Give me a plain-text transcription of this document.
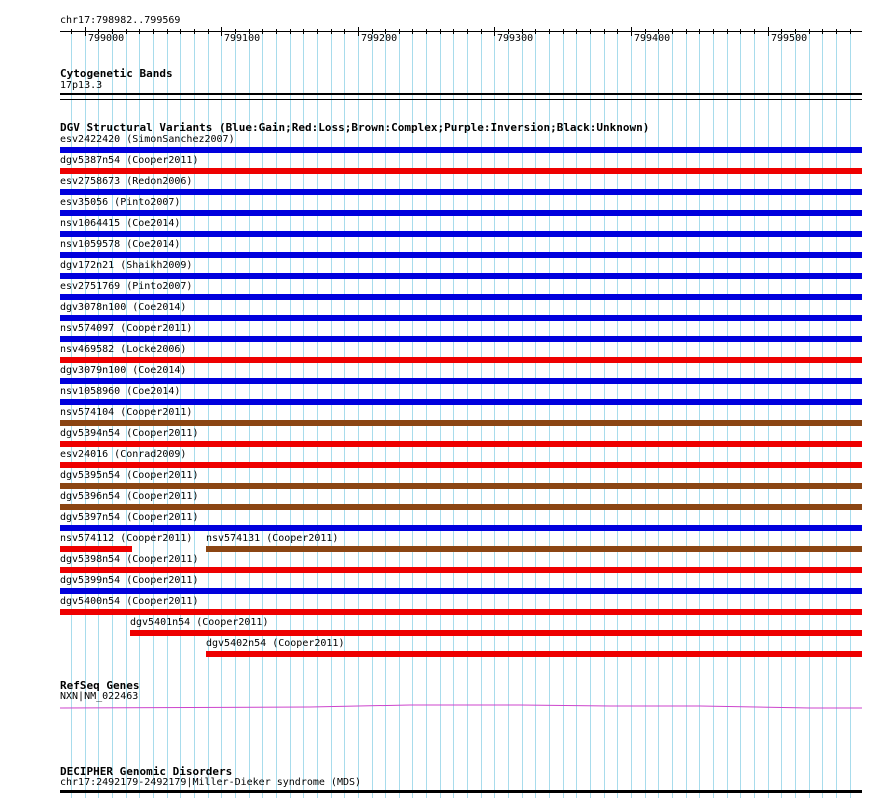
chr17:798982..799569
799000	799100	799200	799300	799400	799500
Cytogenetic Bands
17p13.3
DGV Structural Variants (Blue:Gain;Red:Loss;Brown:Complex;Purple:Inversion;Black:Unknown)
esv2422420 (SimonSanchez2007)
dgv5387n54 (Cooper2011)
esv2758673 (Redon2006)
esv35056 (Pinto2007)
nsv1064415 (Coe2014)
nsv1059578 (Coe2014)
dgv172n21 (Shaikh2009)
esv2751769 (Pinto2007)
dgv3078n100 (Coe2014)
nsv574097 (Cooper2011)
nsv469582 (Locke2006)
dgv3079n100 (Coe2014)
nsv1058960 (Coe2014)
nsv574104 (Cooper2011)
dgv5394n54 (Cooper2011)
esv24016 (Conrad2009)
dgv5395n54 (Cooper2011)
dgv5396n54 (Cooper2011)
dgv5397n54 (Cooper2011)
nsv574112 (Cooper2011) nsv574131 (Cooper2011)
dgv5398n54 (Cooper2011)
dgv5399n54 (Cooper2011)
dgv5400n54 (Cooper2011)
dgv5401n54 (Cooper2011)
dgv5402n54 (Cooper2011)
RefSeq Genes
NXN|NM_022463
DECIPHER Genomic Disorders
chr17:2492179-2492179|Miller-Dieker syndrome (MDS)
